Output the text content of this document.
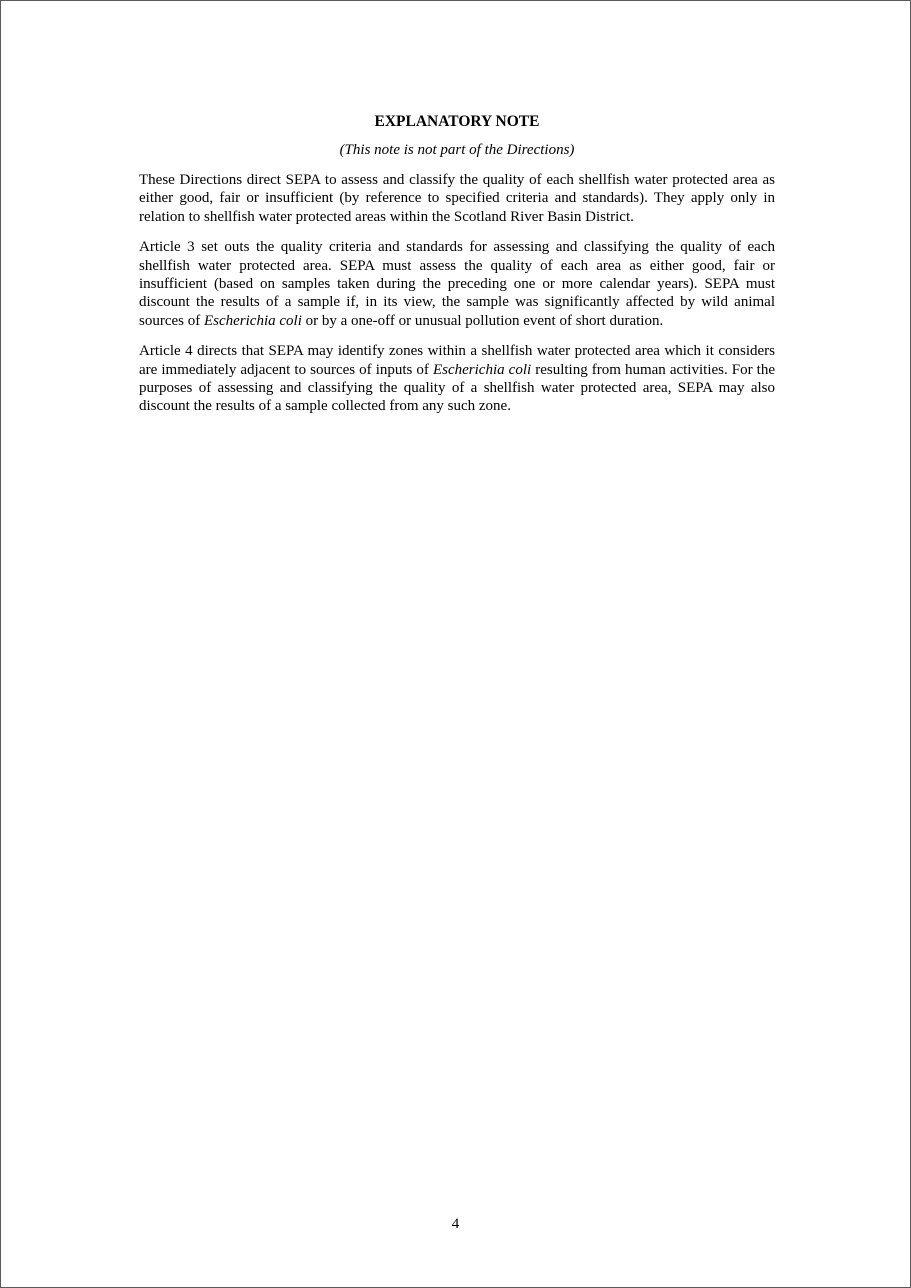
EXPLANATORY NOTE

(This note is not part of the Directions)

These Directions direct SEPA to assess and classify the quality of each shellfish water protected area as either good, fair or insufficient (by reference to specified criteria and standards). They apply only in relation to shellfish water protected areas within the Scotland River Basin District.

Article 3 set outs the quality criteria and standards for assessing and classifying the quality of each shellfish water protected area. SEPA must assess the quality of each area as either good, fair or insufficient (based on samples taken during the preceding one or more calendar years). SEPA must discount the results of a sample if, in its view, the sample was significantly affected by wild animal sources of Escherichia coli or by a one-off or unusual pollution event of short duration.

Article 4 directs that SEPA may identify zones within a shellfish water protected area which it considers are immediately adjacent to sources of inputs of Escherichia coli resulting from human activities. For the purposes of assessing and classifying the quality of a shellfish water protected area, SEPA may also discount the results of a sample collected from any such zone.

4
